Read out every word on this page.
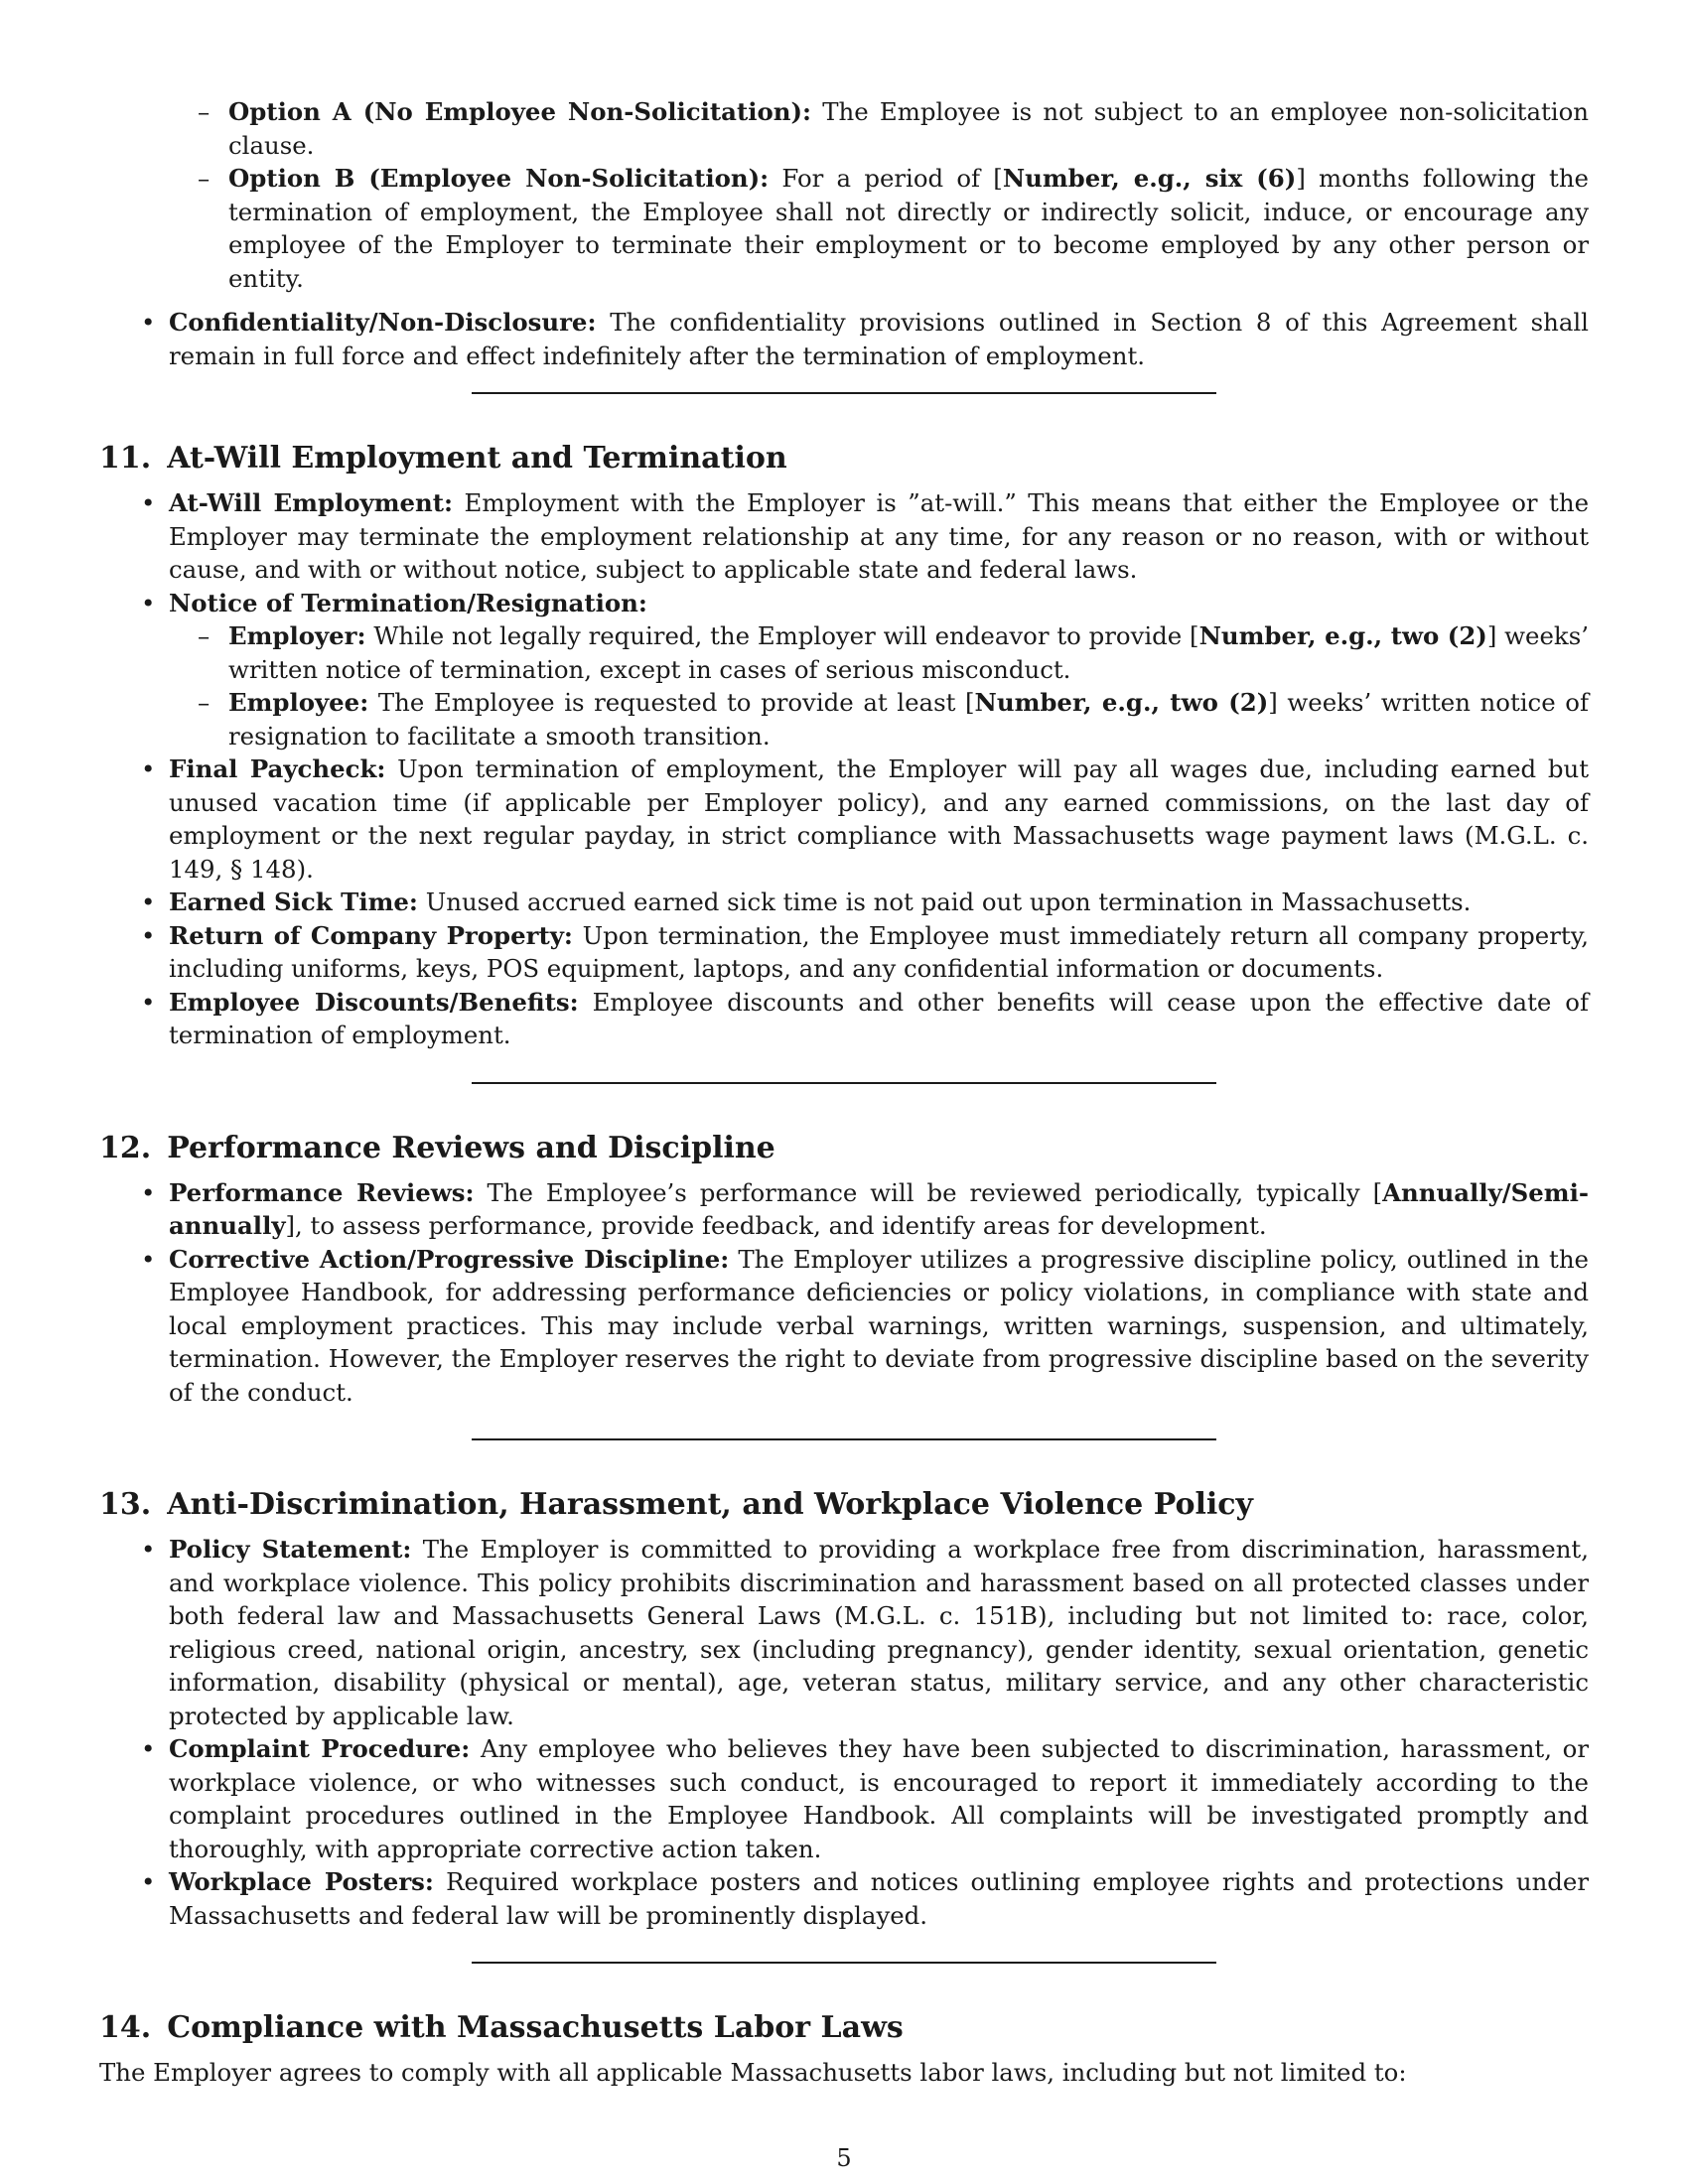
– Option A (No Employee Non-Solicitation): The Employee is not subject to an employee non-solicitation clause.
– Option B (Employee Non-Solicitation): For a period of [Number, e.g., six (6)] months following the termination of employment, the Employee shall not directly or indirectly solicit, induce, or encourage any employee of the Employer to terminate their employment or to become employed by any other person or entity.
• Confidentiality/Non-Disclosure: The confidentiality provisions outlined in Section 8 of this Agreement shall remain in full force and effect indefinitely after the termination of employment.
11. At-Will Employment and Termination
• At-Will Employment: Employment with the Employer is ”at-will.” This means that either the Employee or the Employer may terminate the employment relationship at any time, for any reason or no reason, with or without cause, and with or without notice, subject to applicable state and federal laws.
• Notice of Termination/Resignation:
– Employer: While not legally required, the Employer will endeavor to provide [Number, e.g., two (2)] weeks’ written notice of termination, except in cases of serious misconduct.
– Employee: The Employee is requested to provide at least [Number, e.g., two (2)] weeks’ written notice of resignation to facilitate a smooth transition.
• Final Paycheck: Upon termination of employment, the Employer will pay all wages due, including earned but unused vacation time (if applicable per Employer policy), and any earned commissions, on the last day of employment or the next regular payday, in strict compliance with Massachusetts wage payment laws (M.G.L. c. 149, § 148).
• Earned Sick Time: Unused accrued earned sick time is not paid out upon termination in Massachusetts.
• Return of Company Property: Upon termination, the Employee must immediately return all company property, including uniforms, keys, POS equipment, laptops, and any confidential information or documents.
• Employee Discounts/Benefits: Employee discounts and other benefits will cease upon the effective date of termination of employment.
12. Performance Reviews and Discipline
• Performance Reviews: The Employee’s performance will be reviewed periodically, typically [Annually/Semi-annually], to assess performance, provide feedback, and identify areas for development.
• Corrective Action/Progressive Discipline: The Employer utilizes a progressive discipline policy, outlined in the Employee Handbook, for addressing performance deficiencies or policy violations, in compliance with state and local employment practices. This may include verbal warnings, written warnings, suspension, and ultimately, termination. However, the Employer reserves the right to deviate from progressive discipline based on the severity of the conduct.
13. Anti-Discrimination, Harassment, and Workplace Violence Policy
• Policy Statement: The Employer is committed to providing a workplace free from discrimination, harassment, and workplace violence. This policy prohibits discrimination and harassment based on all protected classes under both federal law and Massachusetts General Laws (M.G.L. c. 151B), including but not limited to: race, color, religious creed, national origin, ancestry, sex (including pregnancy), gender identity, sexual orientation, genetic information, disability (physical or mental), age, veteran status, military service, and any other characteristic protected by applicable law.
• Complaint Procedure: Any employee who believes they have been subjected to discrimination, harassment, or workplace violence, or who witnesses such conduct, is encouraged to report it immediately according to the complaint procedures outlined in the Employee Handbook. All complaints will be investigated promptly and thoroughly, with appropriate corrective action taken.
• Workplace Posters: Required workplace posters and notices outlining employee rights and protections under Massachusetts and federal law will be prominently displayed.
14. Compliance with Massachusetts Labor Laws

The Employer agrees to comply with all applicable Massachusetts labor laws, including but not limited to:

5
